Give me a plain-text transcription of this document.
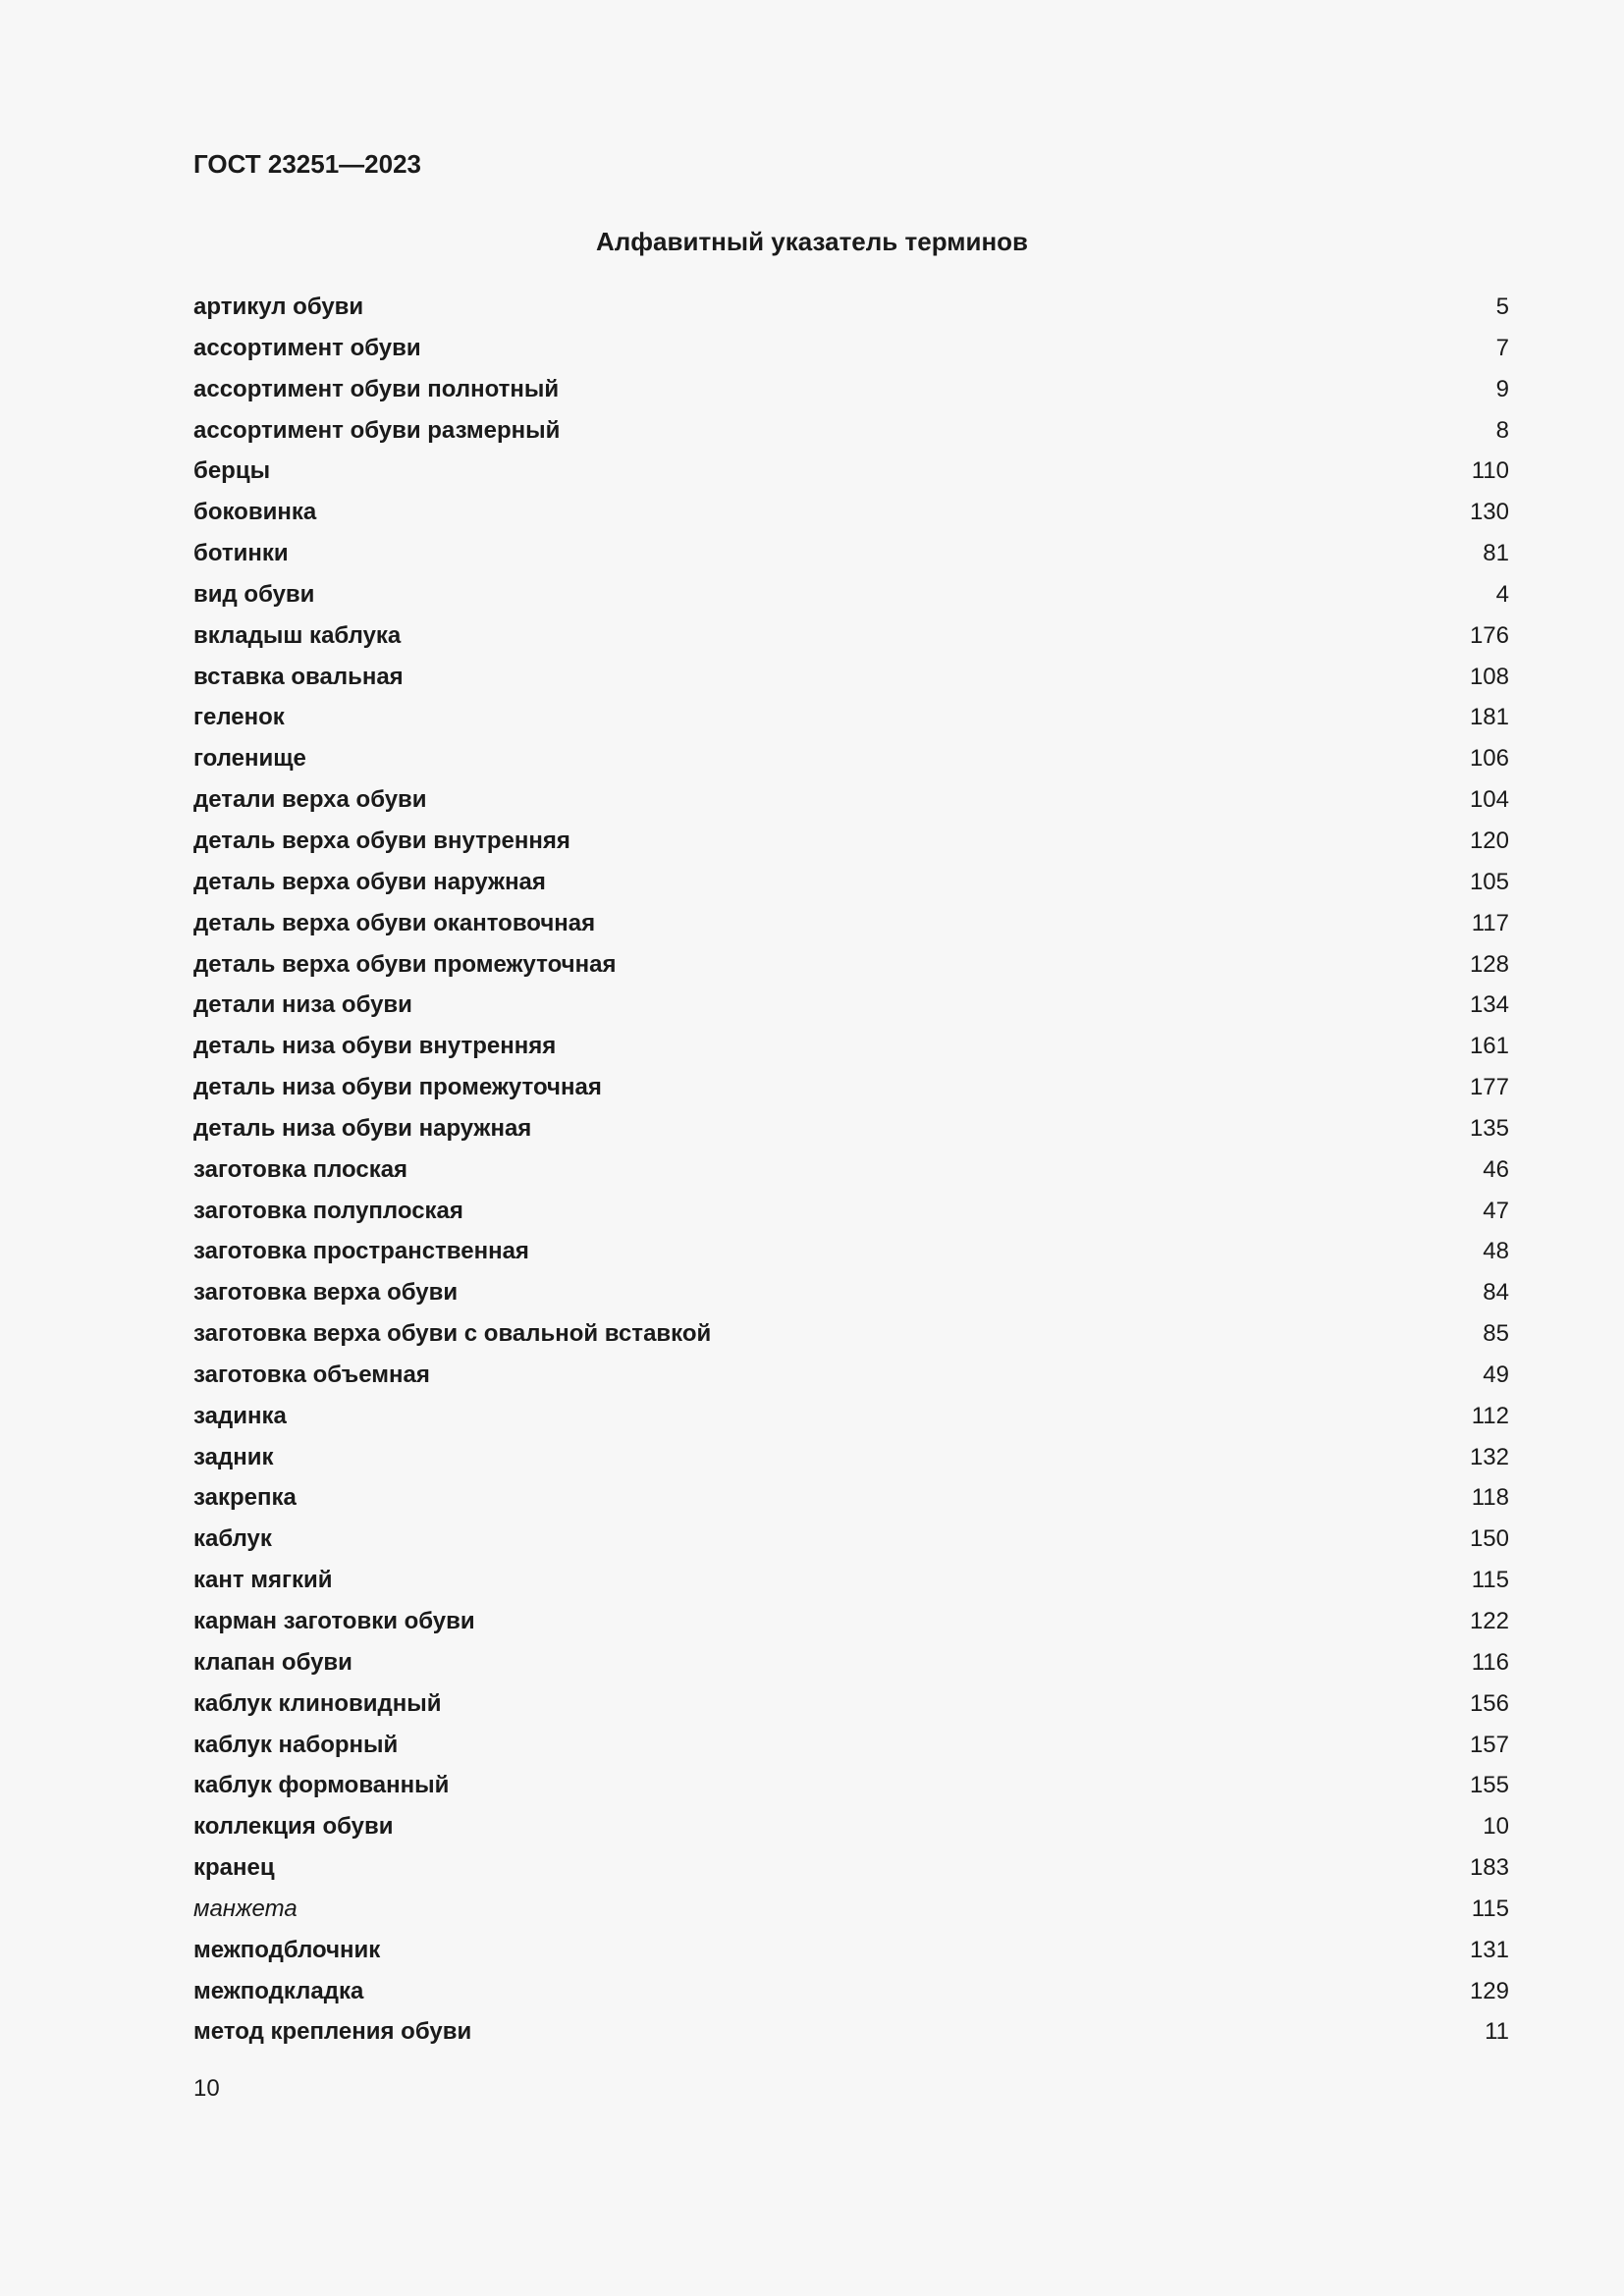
ГОСТ 23251—2023
Алфавитный указатель терминов
артикул обуви	5
ассортимент обуви	7
ассортимент обуви полнотный	9
ассортимент обуви размерный	8
берцы	110
боковинка	130
ботинки	81
вид обуви	4
вкладыш каблука	176
вставка овальная	108
геленок	181
голенище	106
детали верха обуви	104
деталь верха обуви внутренняя	120
деталь верха обуви наружная	105
деталь верха обуви окантовочная	117
деталь верха обуви промежуточная	128
детали низа обуви	134
деталь низа обуви внутренняя	161
деталь низа обуви промежуточная	177
деталь низа обуви наружная	135
заготовка плоская	46
заготовка полуплоская	47
заготовка пространственная	48
заготовка верха обуви	84
заготовка верха обуви с овальной вставкой	85
заготовка объемная	49
задинка	112
задник	132
закрепка	118
каблук	150
кант мягкий	115
карман заготовки обуви	122
клапан обуви	116
каблук клиновидный	156
каблук наборный	157
каблук формованный	155
коллекция обуви	10
кранец	183
манжета	115
межподблочник	131
межподкладка	129
метод крепления обуви	11
10
